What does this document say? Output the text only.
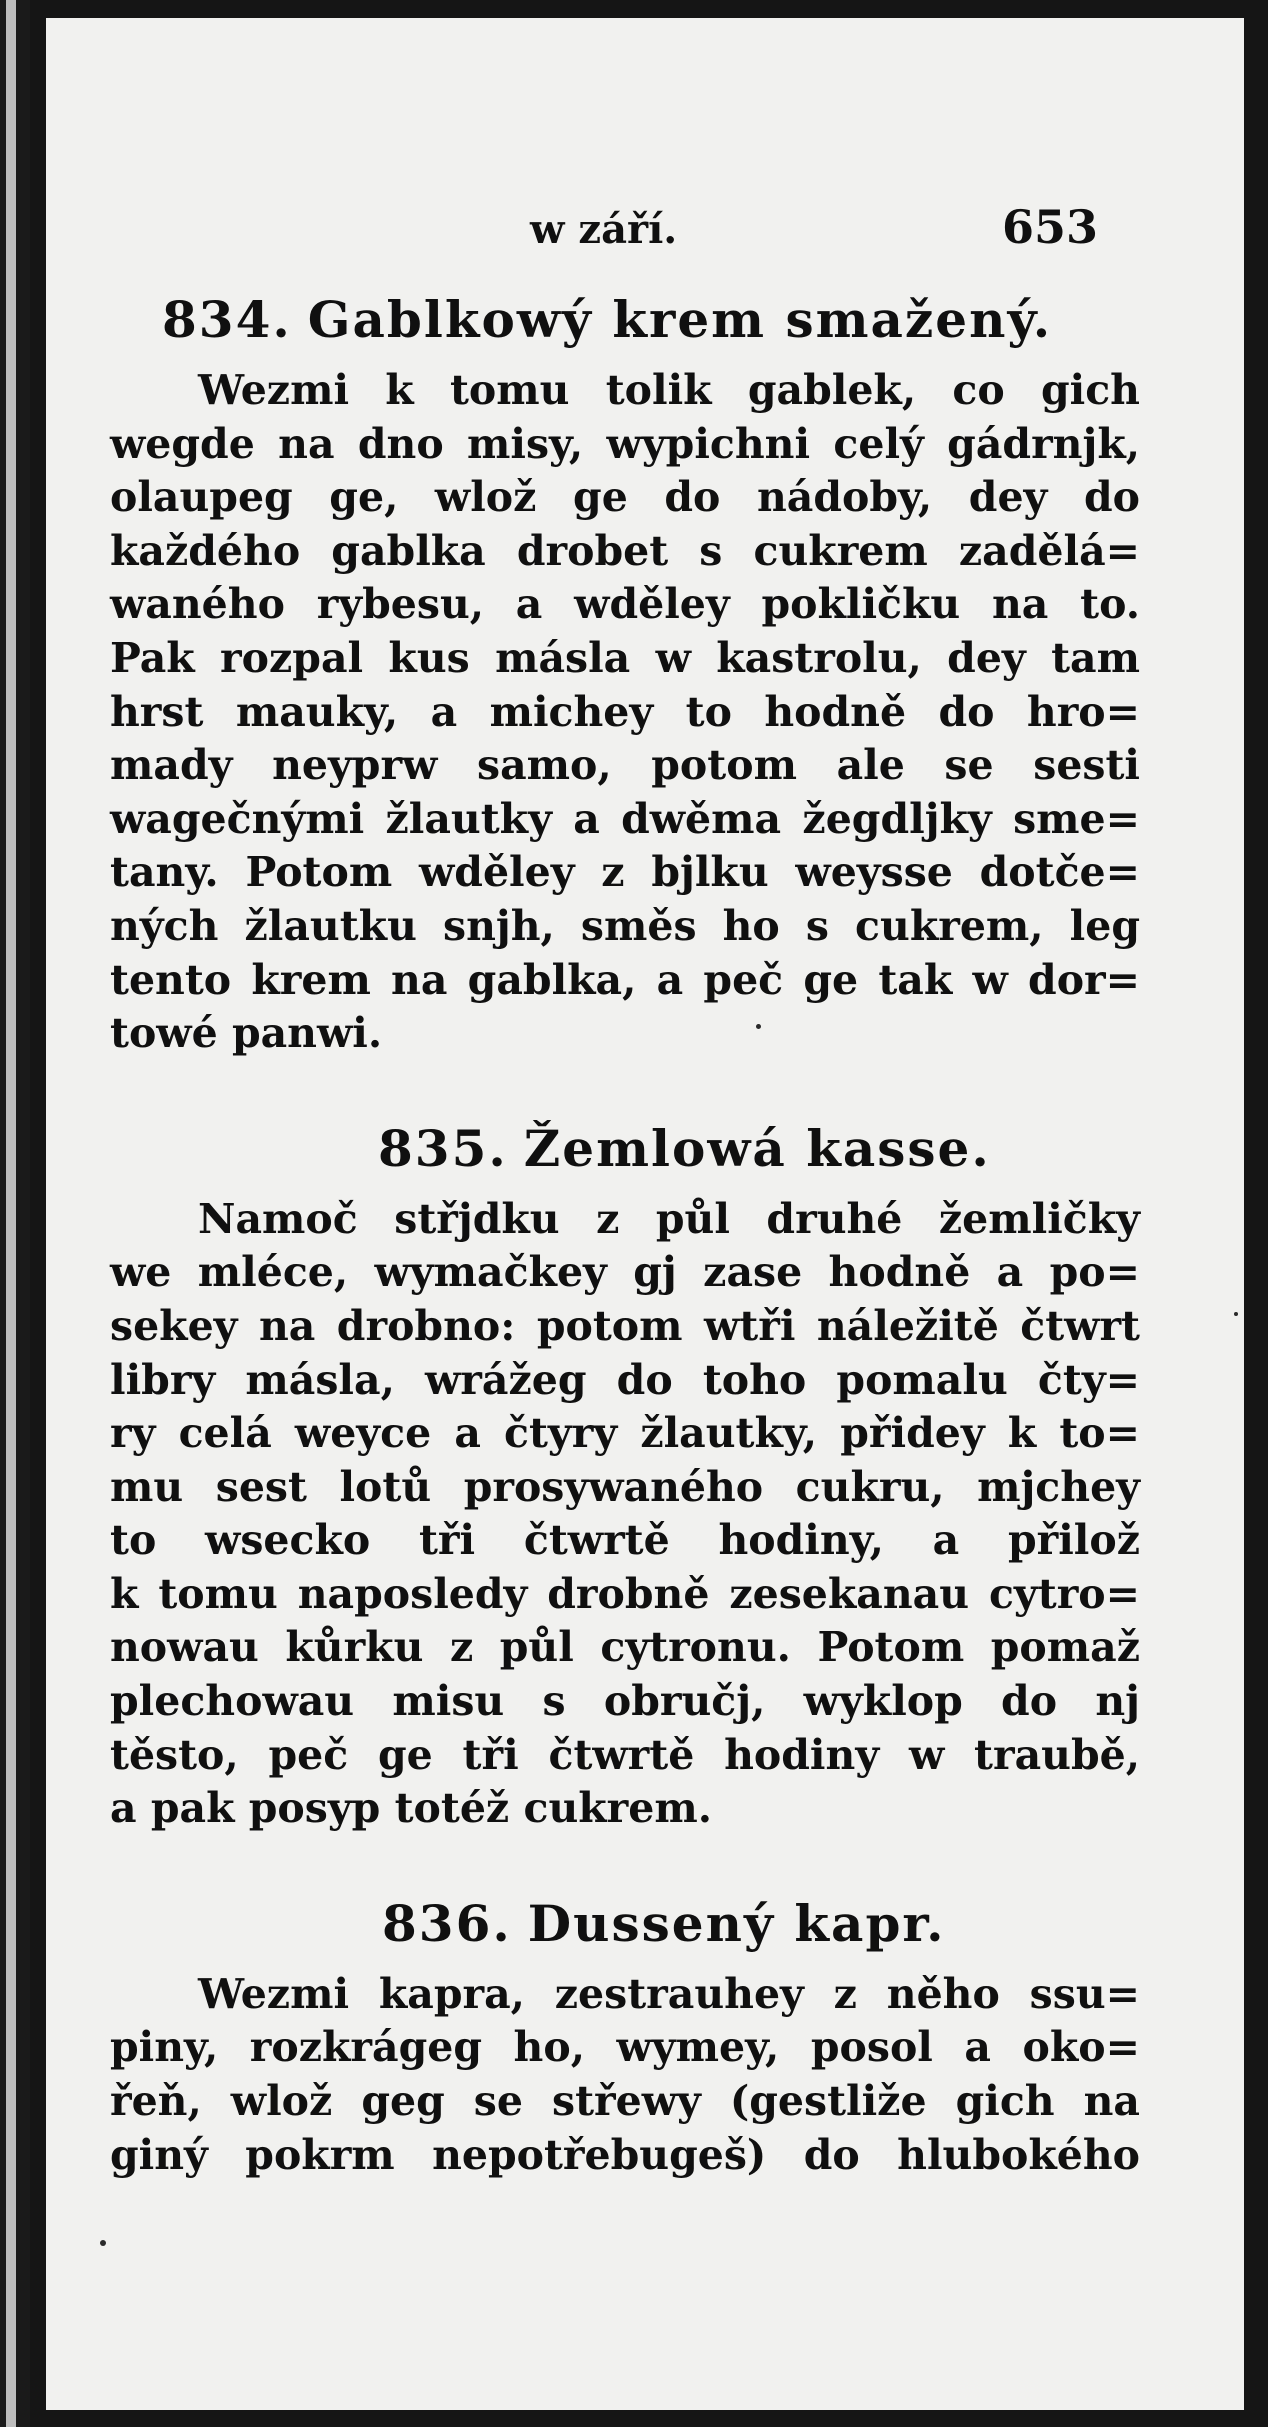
w září.	653
834. Gablkowý krem smažený.
Wezmi k tomu tolik gablek, co gich
wegde na dno misy, wypichni celý gádrnjk,
olaupeg ge, wlož ge do nádoby, dey do
každého gablka drobet s cukrem zadělá=
waného rybesu, a wděley pokličku na to.
Pak rozpal kus másla w kastrolu, dey tam
hrst mauky, a michey to hodně do hro=
mady neyprw samo, potom ale se sesti
wagečnými žlautky a dwěma žegdljky sme=
tany. Potom wděley z bjlku weysse dotče=
ných žlautku snjh, směs ho s cukrem, leg
tento krem na gablka, a peč ge tak w dor=
towé panwi.
835. Žemlowá kasse.
Namoč střjdku z půl druhé žemličky
we mléce, wymačkey gj zase hodně a po=
sekey na drobno: potom wtři náležitě čtwrt
libry másla, wrážeg do toho pomalu čty=
ry celá weyce a čtyry žlautky, přidey k to=
mu sest lotů prosywaného cukru, mjchey
to wsecko tři čtwrtě hodiny, a přilož
k tomu naposledy drobně zesekanau cytro=
nowau kůrku z půl cytronu. Potom pomaž
plechowau misu s obručj, wyklop do nj
těsto, peč ge tři čtwrtě hodiny w traubě,
a pak posyp totéž cukrem.
836. Dussený kapr.
Wezmi kapra, zestrauhey z něho ssu=
piny, rozkrágeg ho, wymey, posol a oko=
řeň, wlož geg se střewy (gestliže gich na
giný pokrm nepotřebugeš) do hlubokého
